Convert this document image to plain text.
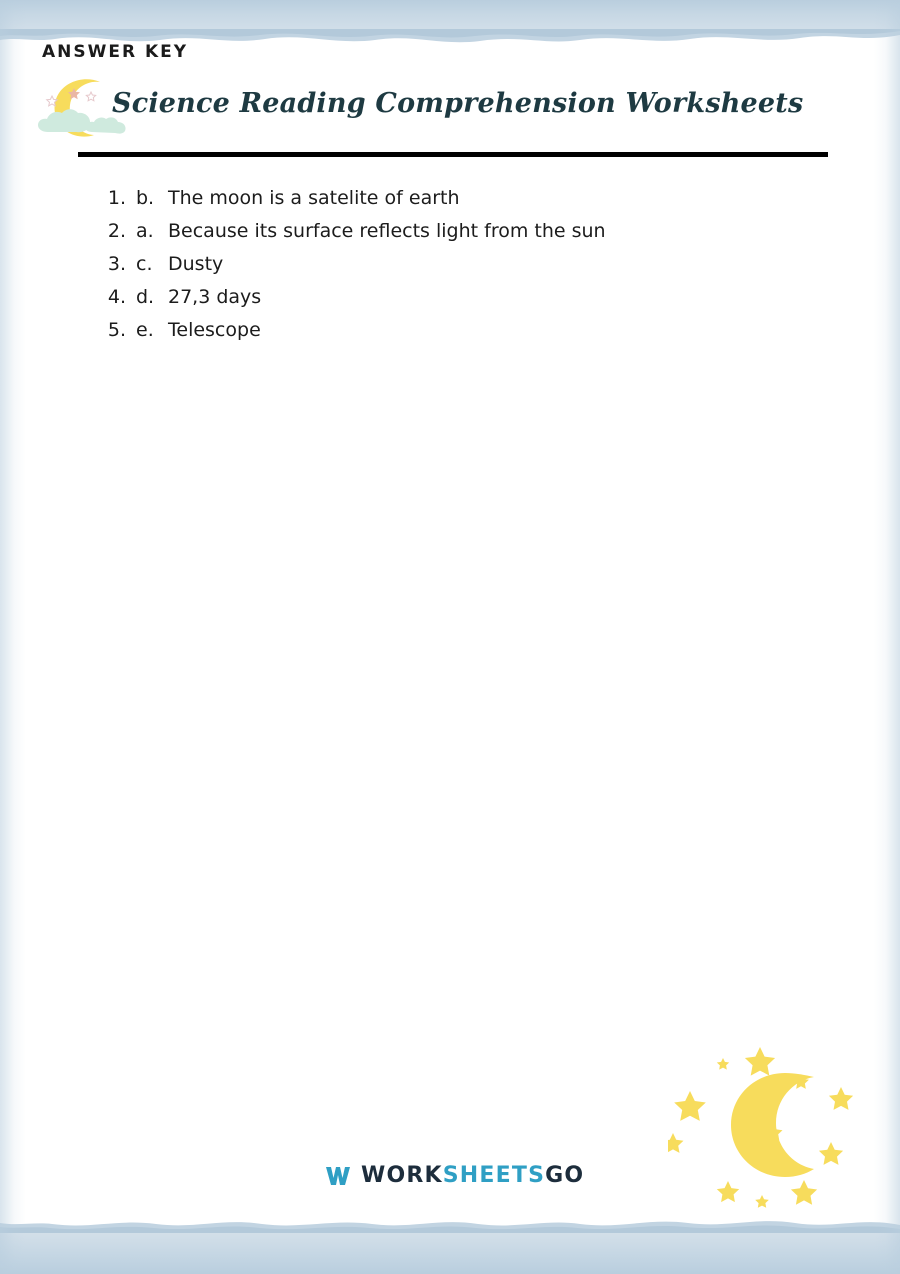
ANSWER KEY
Science Reading Comprehension Worksheets
1. b. The moon is a satelite of earth
2. a. Because its surface reflects light from the sun
3. c. Dusty
4. d. 27,3 days
5. e. Telescope
WORKSHEETSGO
